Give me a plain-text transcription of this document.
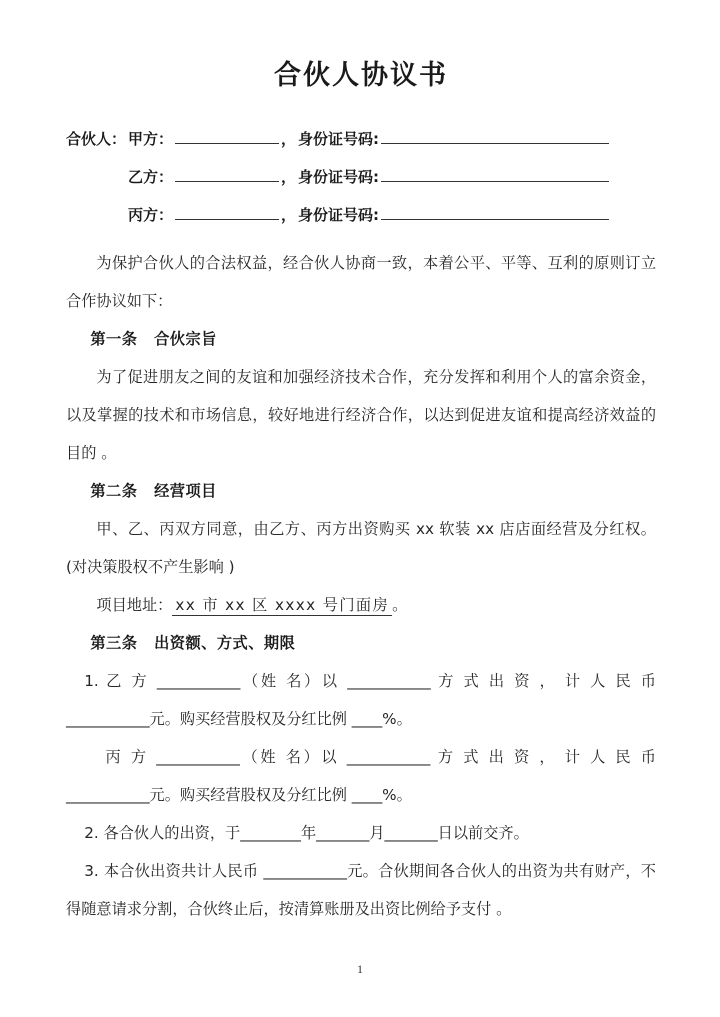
合伙人协议书
合伙人： 甲方：	， 身份证号码:
乙方：	， 身份证号码:
丙方：	， 身份证号码:

为保护合伙人的合法权益，经合伙人协商一致，本着公平、平等、互利的原则订立合作协议如下：

第一条 合伙宗旨

为了促进朋友之间的友谊和加强经济技术合作，充分发挥和利用个人的富余资金，以及掌握的技术和市场信息，较好地进行经济合作，以达到促进友谊和提高经济效益的目的 。

第二条 经营项目

甲、乙、丙双方同意，由乙方、丙方出资购买 xx 软装 xx 店店面经营及分红权。(对决策股权不产生影响 )

项目地址： xx 市 xx 区 xxxx 号门面房 。

第三条 出资额、方式、期限

1. 乙 方 ___________（姓 名）以 ___________ 方 式 出 资 ， 计 人 民 币 ___________元。购买经营股权及分红比例 ____%。

丙 方 ___________（姓 名）以 ___________ 方 式 出 资 ， 计 人 民 币 ___________元。购买经营股权及分红比例 ____%。

2. 各合伙人的出资，于________年_______月_______日以前交齐。

3. 本合伙出资共计人民币 ___________元。合伙期间各合伙人的出资为共有财产，不得随意请求分割，合伙终止后，按清算账册及出资比例给予支付 。

1
